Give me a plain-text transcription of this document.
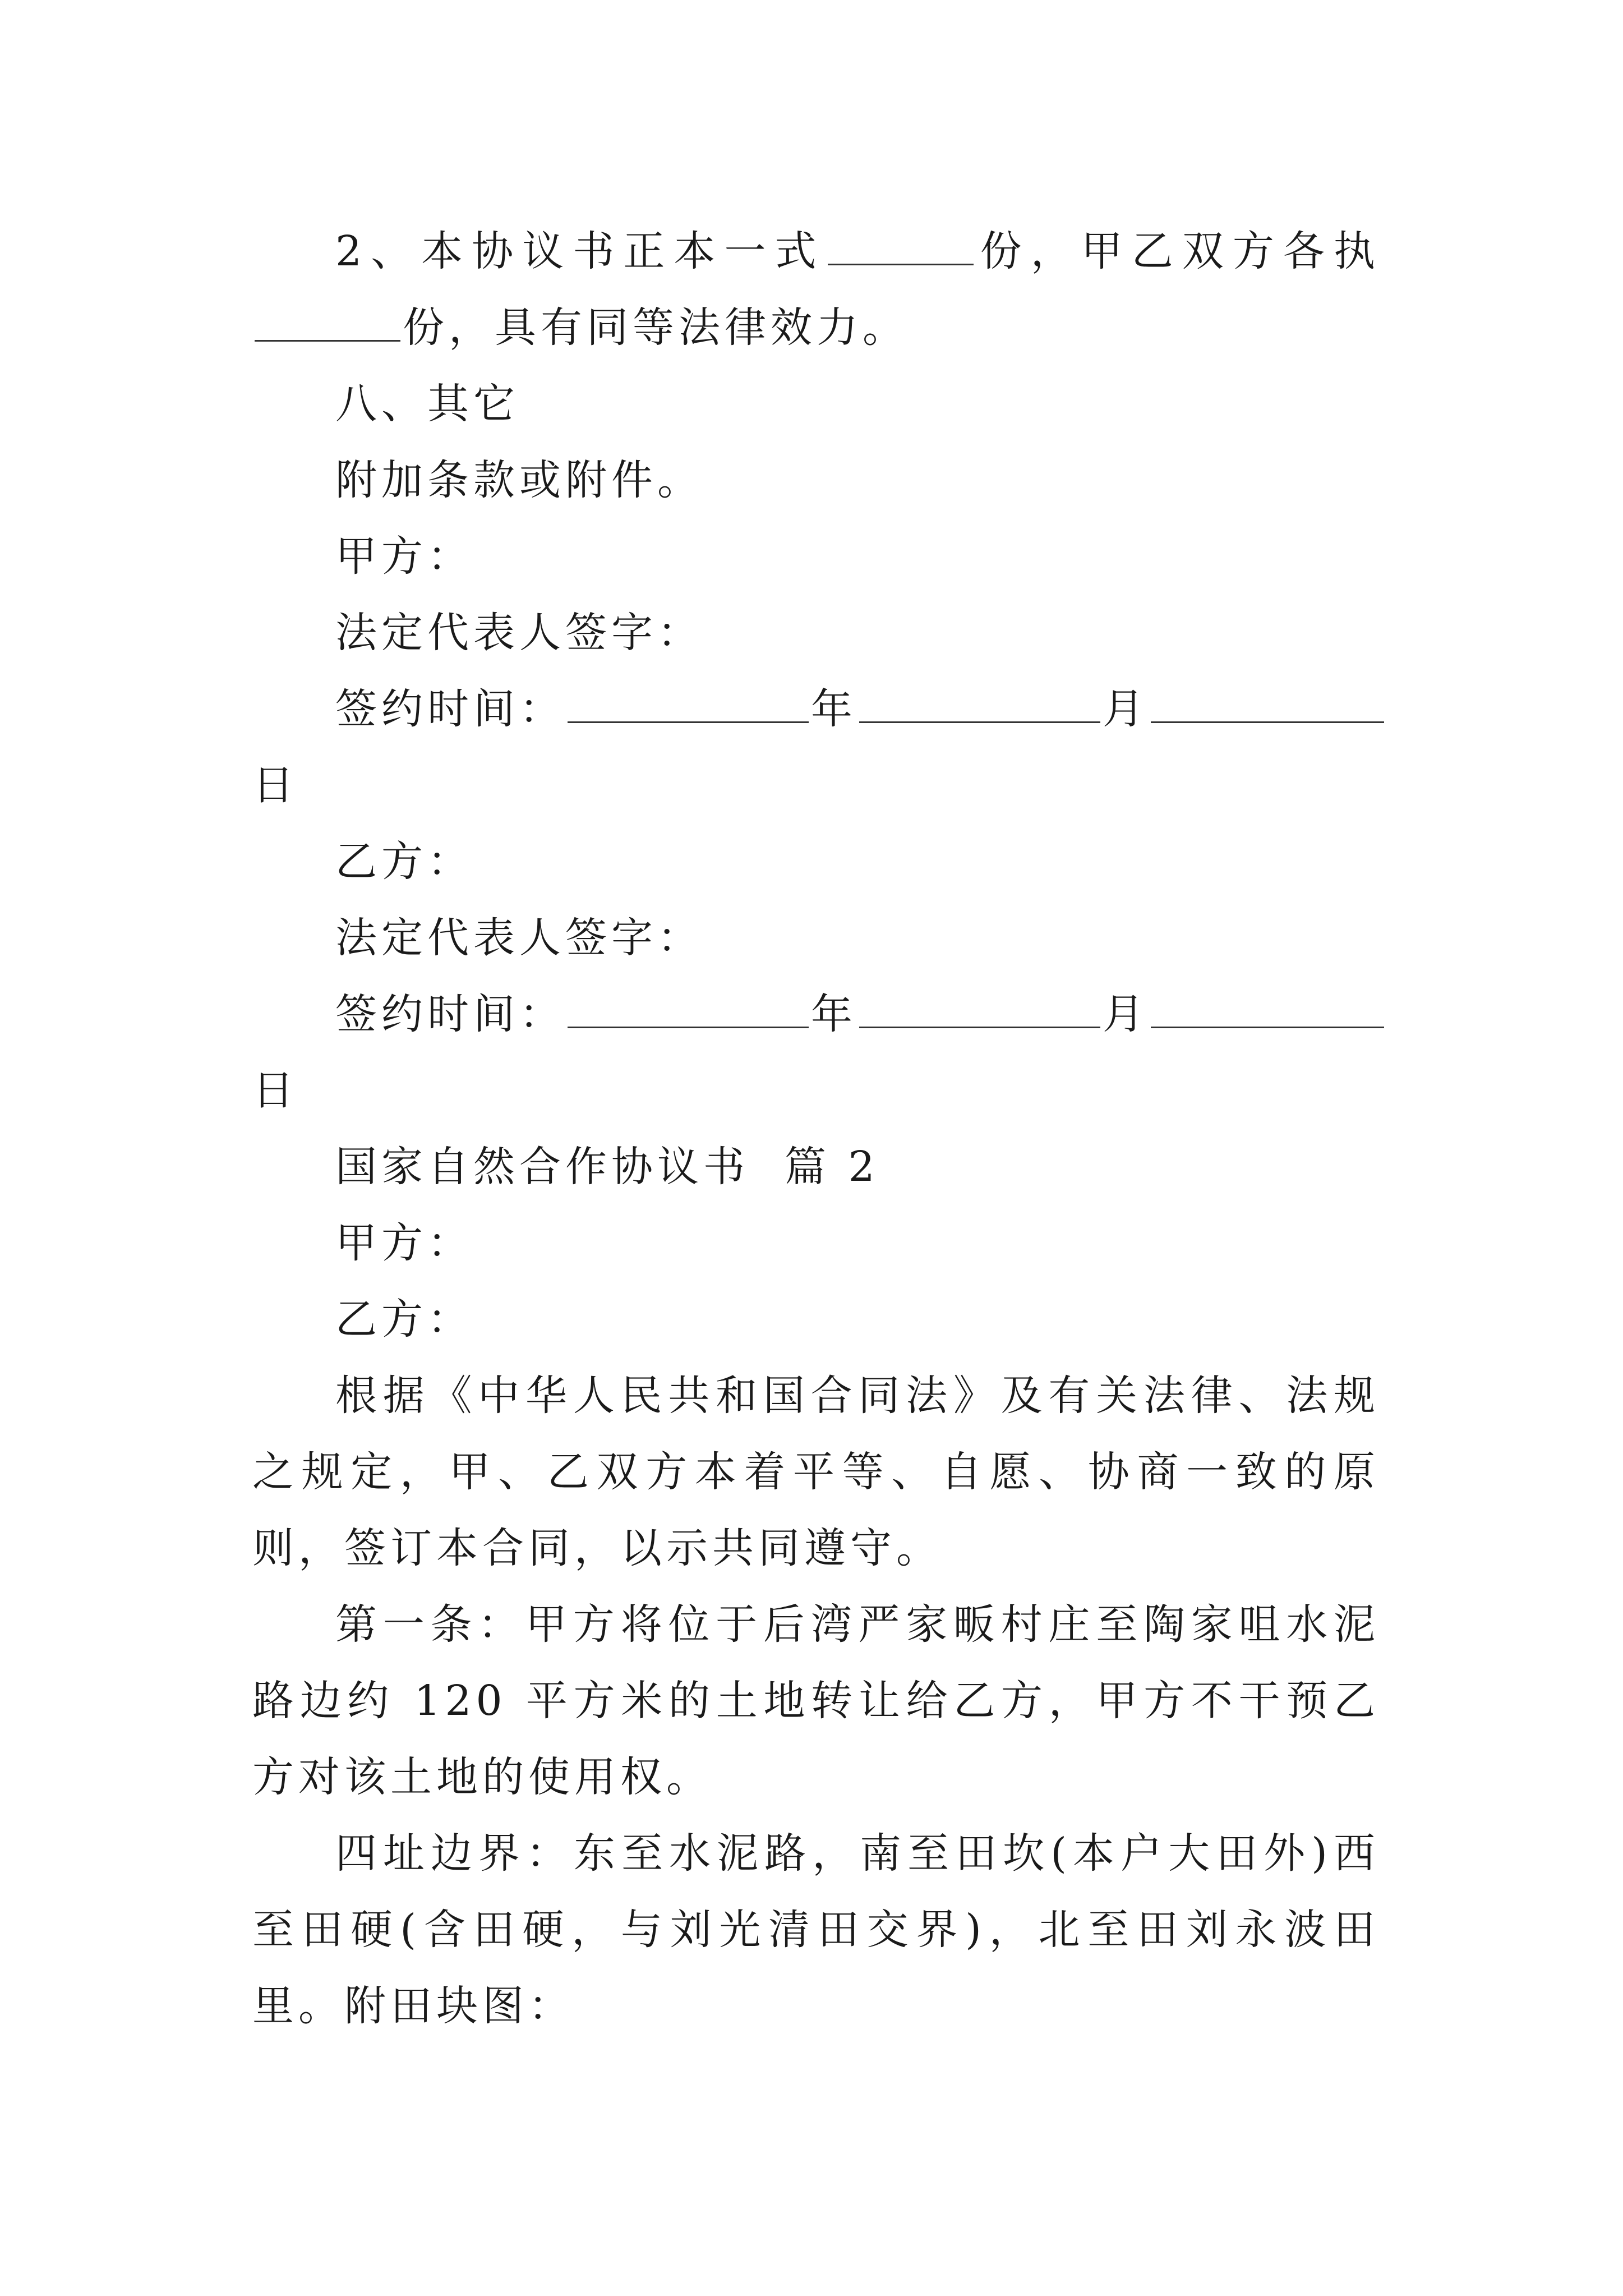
2、本协议书正本一式	份，甲乙双方各执份，具有同等法律效力。

八、其它

附加条款或附件。

甲方：

法定代表人签字：

签约时间：	年	月

日

乙方：

法定代表人签字：

签约时间：	年	月

日

国家自然合作协议书  篇 2

甲方：

乙方：

根据《中华人民共和国合同法》及有关法律、法规之规定，甲、乙双方本着平等、自愿、协商一致的原则，签订本合同，以示共同遵守。

第一条：甲方将位于后湾严家畈村庄至陶家咀水泥路边约 120 平方米的土地转让给乙方，甲方不干预乙方对该土地的使用权。

四址边界：东至水泥路，南至田坎(本户大田外)西至田硬(含田硬，与刘光清田交界)，北至田刘永波田里。附田块图：
